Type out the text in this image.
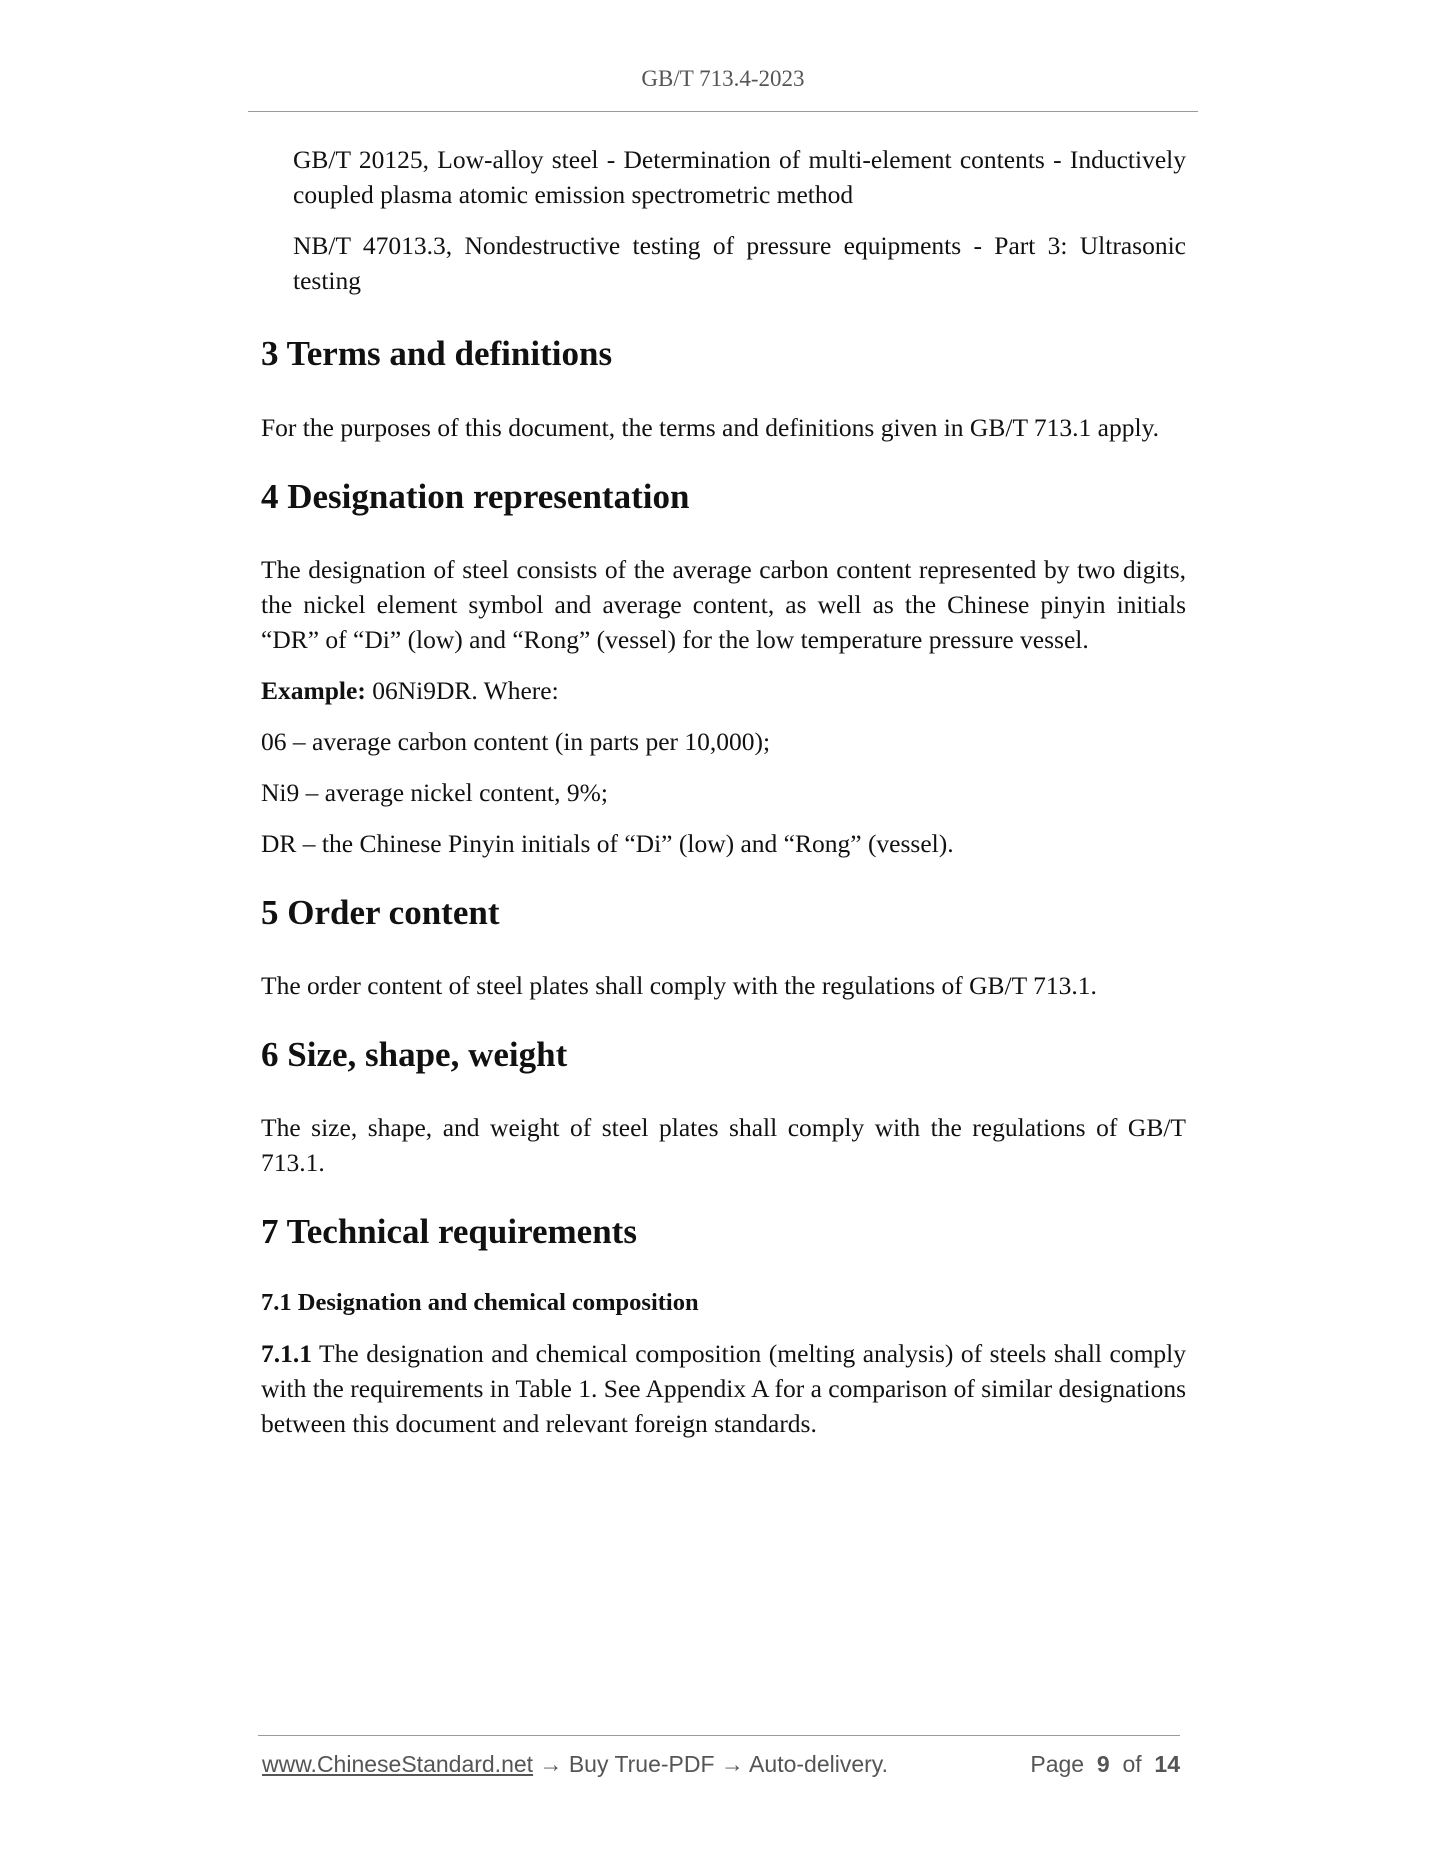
GB/T 713.4-2023

GB/T 20125, Low-alloy steel - Determination of multi-element contents - Inductively coupled plasma atomic emission spectrometric method

NB/T 47013.3, Nondestructive testing of pressure equipments - Part 3: Ultrasonic testing

3 Terms and definitions

For the purposes of this document, the terms and definitions given in GB/T 713.1 apply.

4 Designation representation

The designation of steel consists of the average carbon content represented by two digits, the nickel element symbol and average content, as well as the Chinese pinyin initials “DR” of “Di” (low) and “Rong” (vessel) for the low temperature pressure vessel.

Example: 06Ni9DR. Where:

06 – average carbon content (in parts per 10,000);

Ni9 – average nickel content, 9%;

DR – the Chinese Pinyin initials of “Di” (low) and “Rong” (vessel).

5 Order content

The order content of steel plates shall comply with the regulations of GB/T 713.1.

6 Size, shape, weight

The size, shape, and weight of steel plates shall comply with the regulations of GB/T 713.1.

7 Technical requirements
7.1 Designation and chemical composition

7.1.1 The designation and chemical composition (melting analysis) of steels shall comply with the requirements in Table 1. See Appendix A for a comparison of similar designations between this document and relevant foreign standards.

www.ChineseStandard.net → Buy True-PDF → Auto-delivery.	Page 9 of 14
